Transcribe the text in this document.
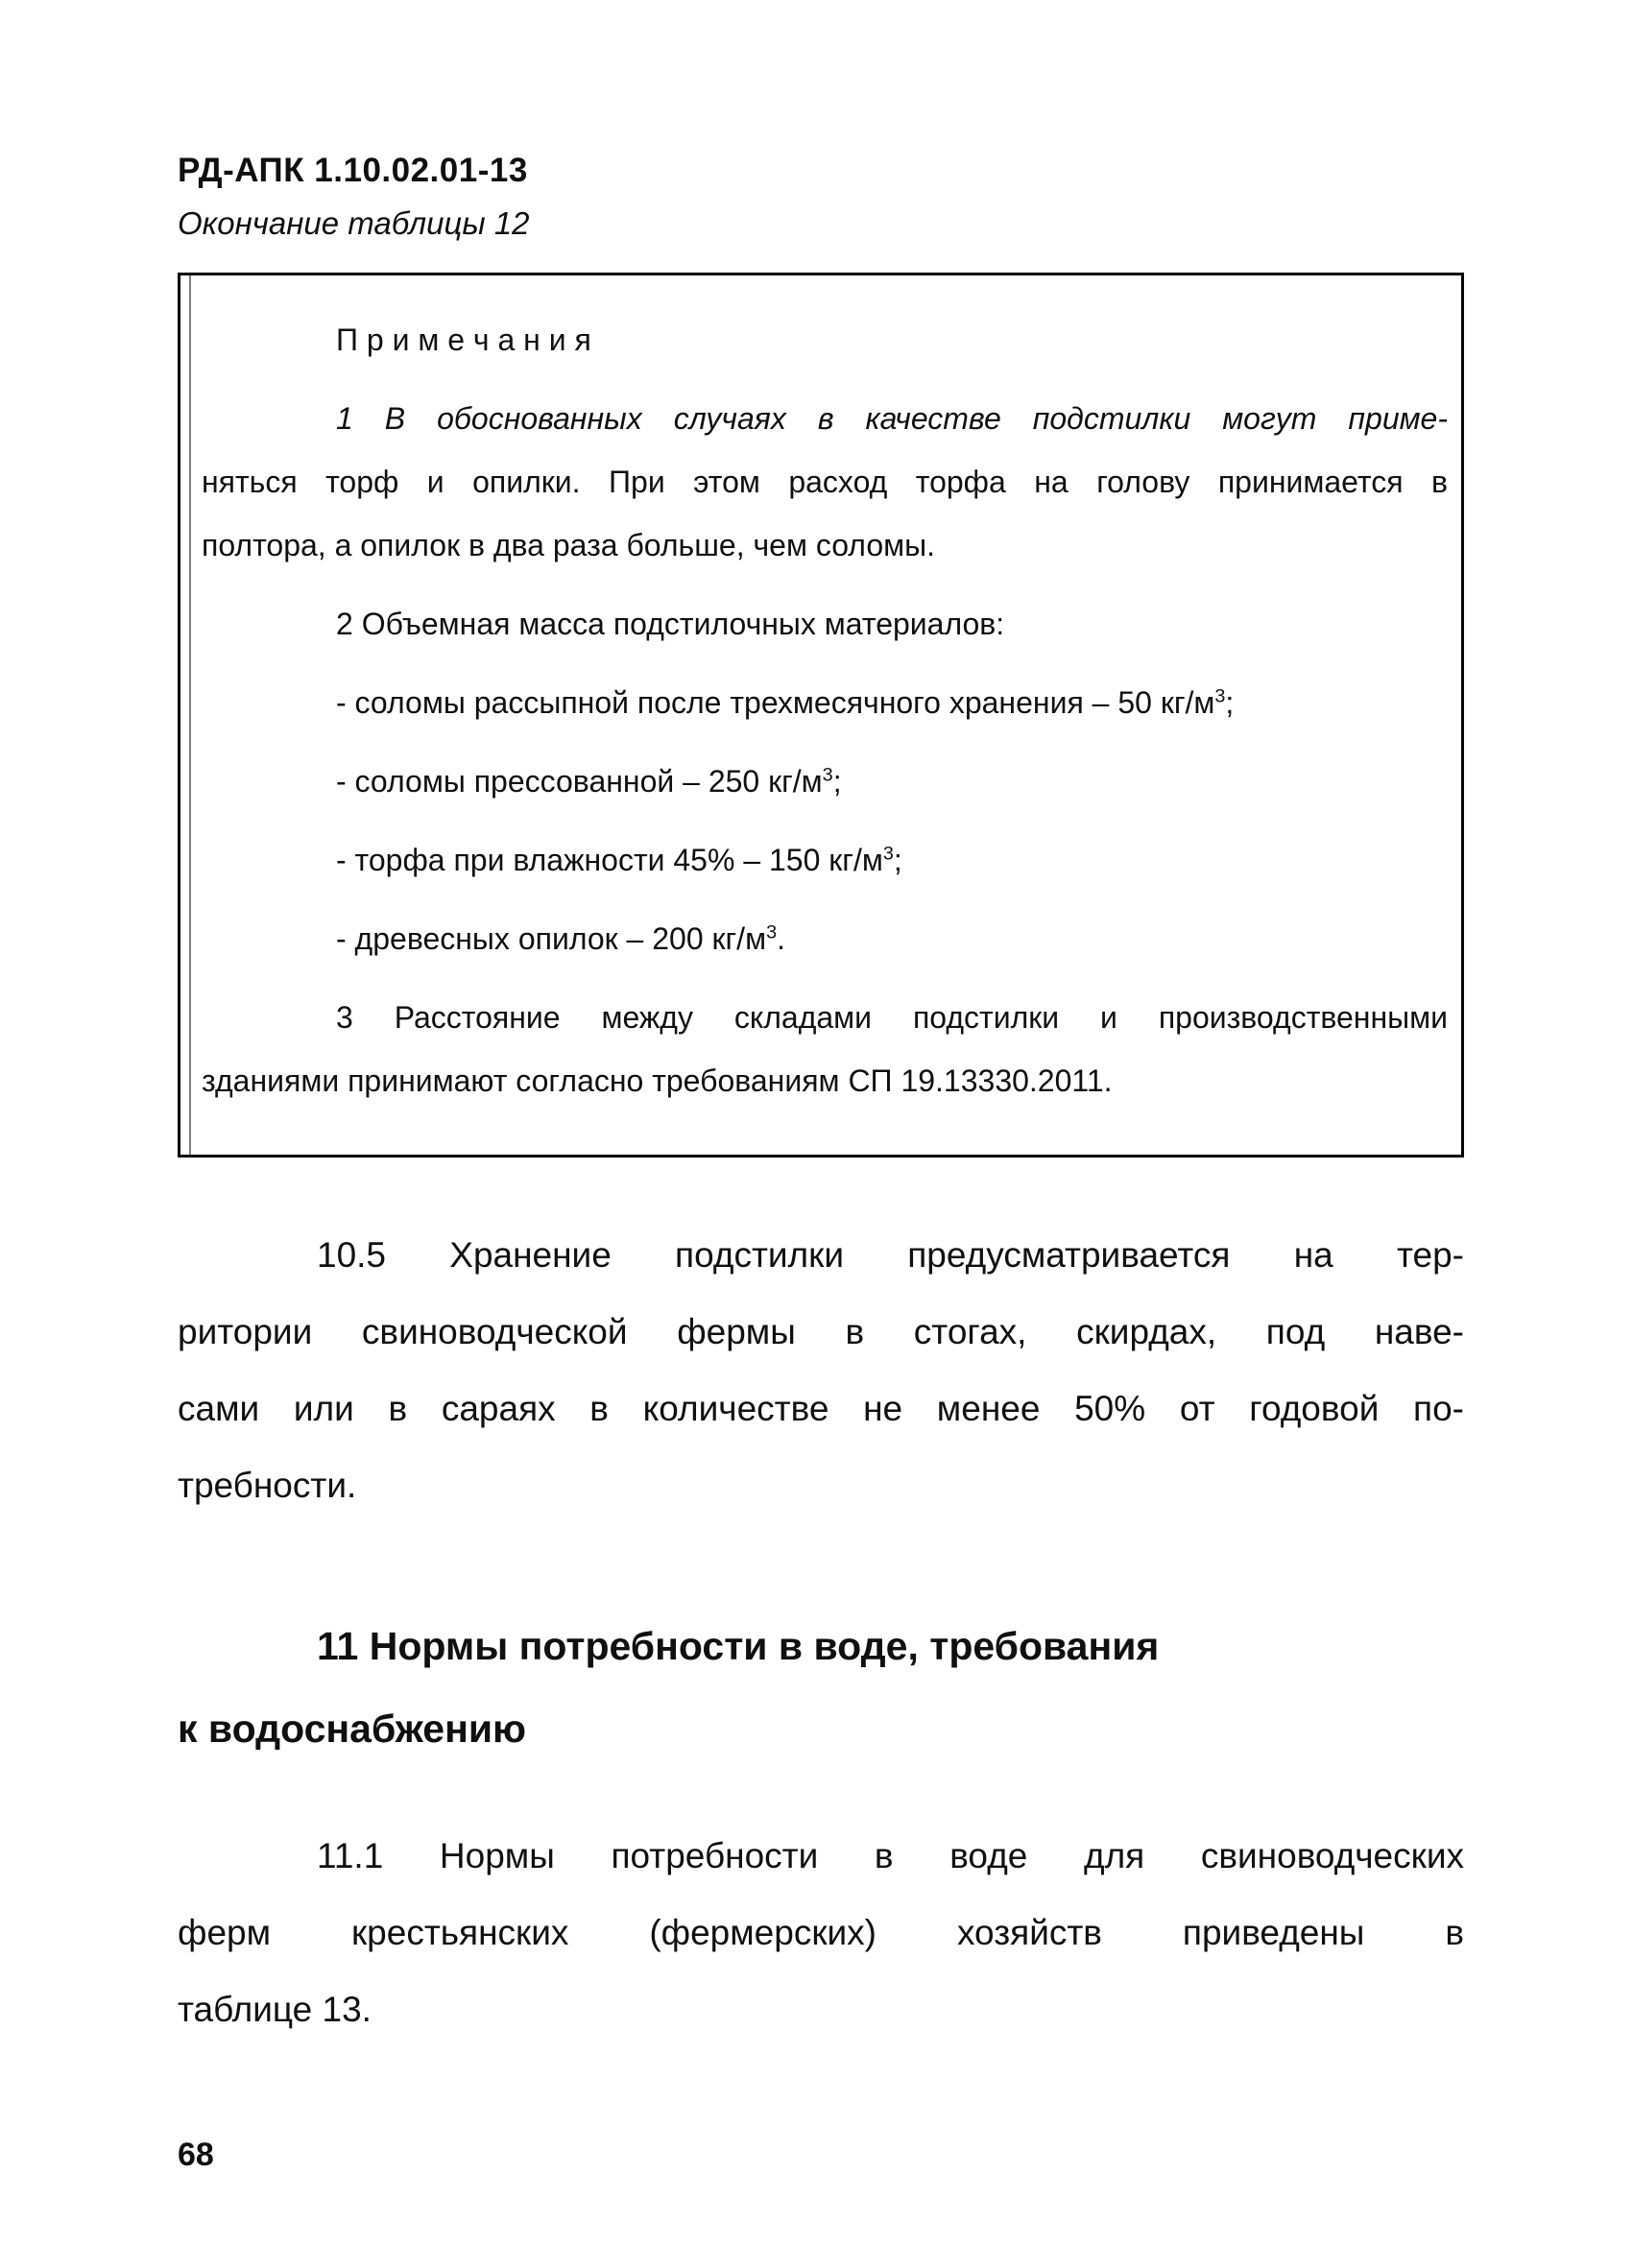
РД-АПК 1.10.02.01-13
Окончание таблицы 12
П р и м е ч а н и я
1 В обоснованных случаях в качестве подстилки могут приме-
няться торф и опилки. При этом расход торфа на голову принимается в
полтора, а опилок в два раза больше, чем соломы.
2 Объемная масса подстилочных материалов:
- соломы рассыпной после трехмесячного хранения – 50 $кг/м^3$;
- соломы прессованной – 250 $кг/м^3$;
- торфа при влажности 45% – 150 $кг/м^3$;
- древесных опилок – 200 $кг/м^3$.
3 Расстояние между складами подстилки и производственными
зданиями принимают согласно требованиям СП 19.13330.2011.
10.5 Хранение подстилки предусматривается на тер-
ритории свиноводческой фермы в стогах, скирдах, под наве-
сами или в сараях в количестве не менее 50% от годовой по-
требности.
11 Нормы потребности в воде, требования
к водоснабжению
11.1 Нормы потребности в воде для свиноводческих
ферм крестьянских (фермерских) хозяйств приведены в
таблице 13.
68
